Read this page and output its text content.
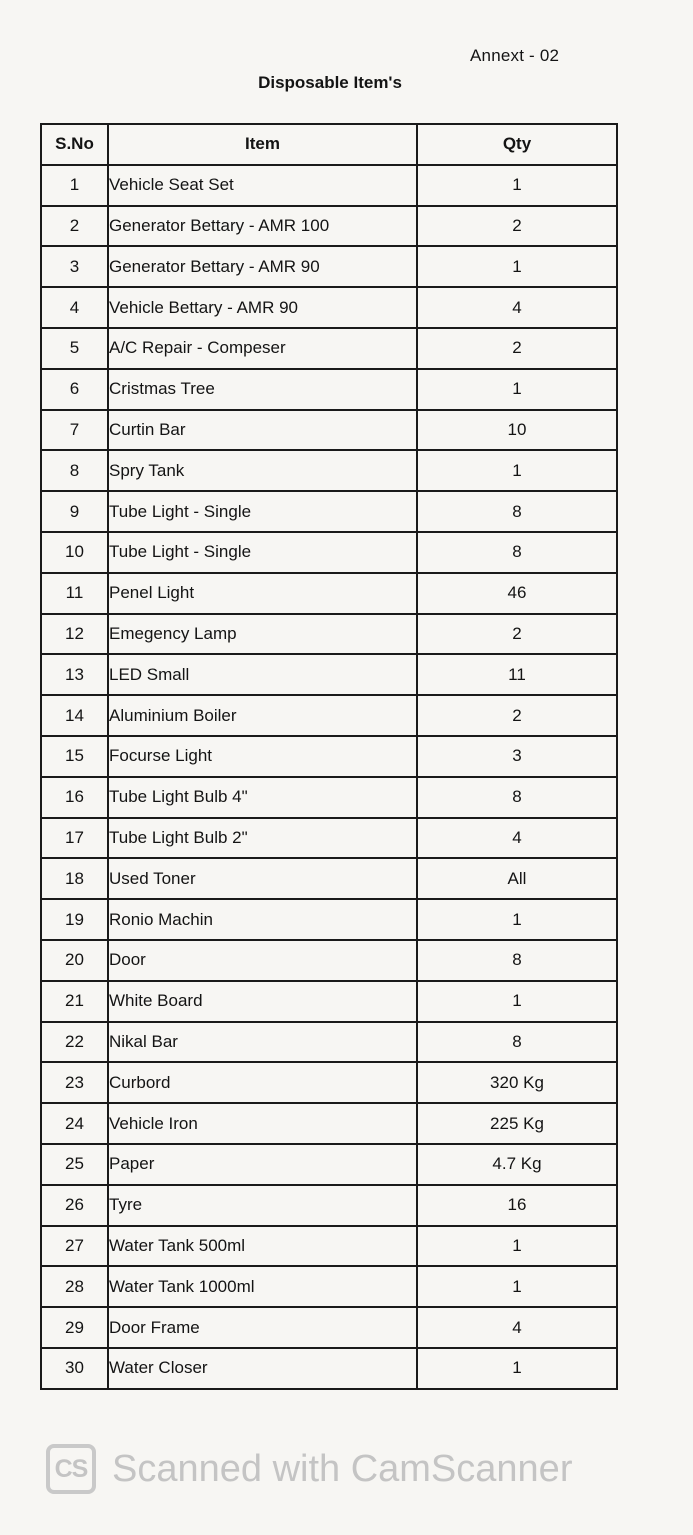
Annext - 02
Disposable Item's
S.No	Item	Qty
1	Vehicle Seat Set	1
2	Generator Bettary - AMR 100	2
3	Generator Bettary - AMR 90	1
4	Vehicle Bettary - AMR 90	4
5	A/C Repair - Compeser	2
6	Cristmas Tree	1
7	Curtin Bar	10
8	Spry Tank	1
9	Tube Light - Single	8
10	Tube Light - Single	8
11	Penel Light	46
12	Emegency Lamp	2
13	LED Small	11
14	Aluminium Boiler	2
15	Focurse Light	3
16	Tube Light Bulb 4"	8
17	Tube Light Bulb 2"	4
18	Used Toner	All
19	Ronio Machin	1
20	Door	8
21	White Board	1
22	Nikal Bar	8
23	Curbord	320 Kg
24	Vehicle Iron	225 Kg
25	Paper	4.7 Kg
26	Tyre	16
27	Water Tank 500ml	1
28	Water Tank 1000ml	1
29	Door Frame	4
30	Water Closer	1
CS Scanned with CamScanner
